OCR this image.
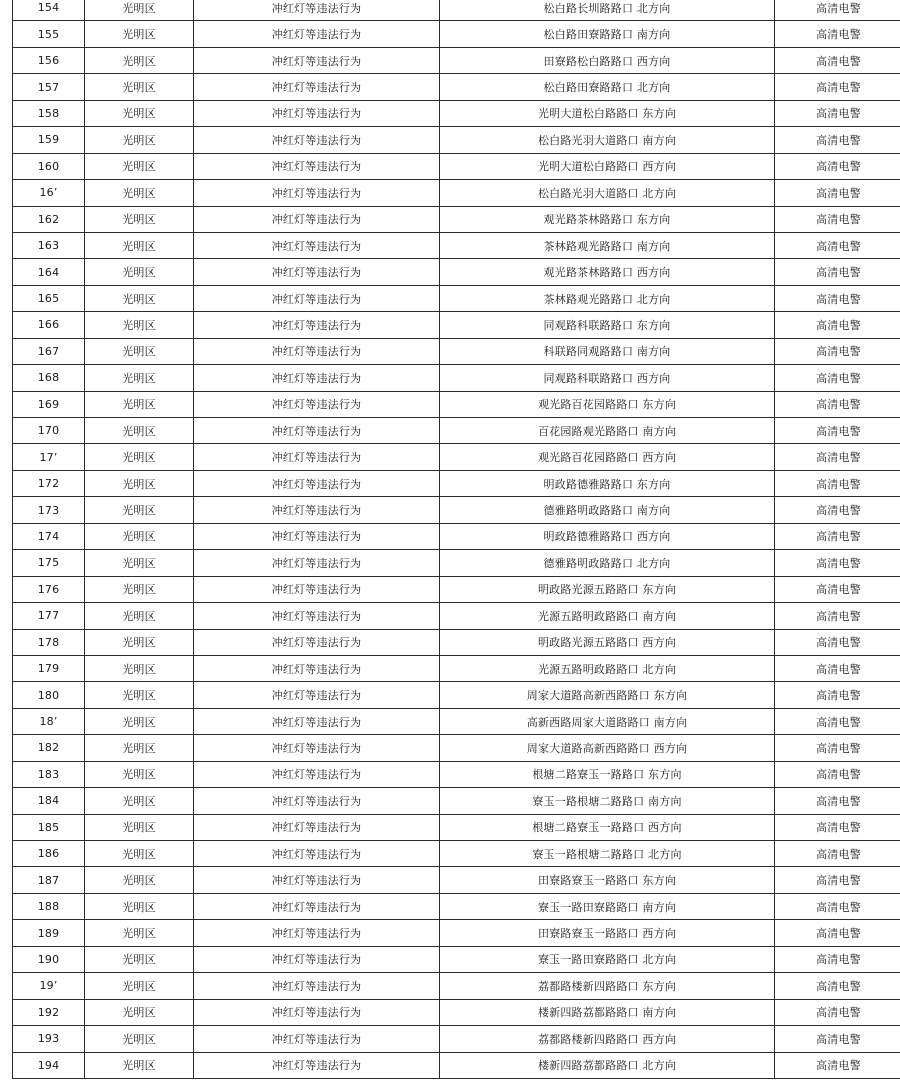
154	光明区	冲红灯等违法行为	松白路长圳路路口 北方向	高清电警
155	光明区	冲红灯等违法行为	松白路田寮路路口 南方向	高清电警
156	光明区	冲红灯等违法行为	田寮路松白路路口 西方向	高清电警
157	光明区	冲红灯等违法行为	松白路田寮路路口 北方向	高清电警
158	光明区	冲红灯等违法行为	光明大道松白路路口 东方向	高清电警
159	光明区	冲红灯等违法行为	松白路光羽大道路口 南方向	高清电警
160	光明区	冲红灯等违法行为	光明大道松白路路口 西方向	高清电警
16’	光明区	冲红灯等违法行为	松白路光羽大道路口 北方向	高清电警
162	光明区	冲红灯等违法行为	观光路茶林路路口 东方向	高清电警
163	光明区	冲红灯等违法行为	茶林路观光路路口 南方向	高清电警
164	光明区	冲红灯等违法行为	观光路茶林路路口 西方向	高清电警
165	光明区	冲红灯等违法行为	茶林路观光路路口 北方向	高清电警
166	光明区	冲红灯等违法行为	同观路科联路路口 东方向	高清电警
167	光明区	冲红灯等违法行为	科联路同观路路口 南方向	高清电警
168	光明区	冲红灯等违法行为	同观路科联路路口 西方向	高清电警
169	光明区	冲红灯等违法行为	观光路百花园路路口 东方向	高清电警
170	光明区	冲红灯等违法行为	百花园路观光路路口 南方向	高清电警
17’	光明区	冲红灯等违法行为	观光路百花园路路口 西方向	高清电警
172	光明区	冲红灯等违法行为	明政路德雅路路口 东方向	高清电警
173	光明区	冲红灯等违法行为	德雅路明政路路口 南方向	高清电警
174	光明区	冲红灯等违法行为	明政路德雅路路口 西方向	高清电警
175	光明区	冲红灯等违法行为	德雅路明政路路口 北方向	高清电警
176	光明区	冲红灯等违法行为	明政路光源五路路口 东方向	高清电警
177	光明区	冲红灯等违法行为	光源五路明政路路口 南方向	高清电警
178	光明区	冲红灯等违法行为	明政路光源五路路口 西方向	高清电警
179	光明区	冲红灯等违法行为	光源五路明政路路口 北方向	高清电警
180	光明区	冲红灯等违法行为	周家大道路高新西路路口 东方向	高清电警
18’	光明区	冲红灯等违法行为	高新西路周家大道路路口 南方向	高清电警
182	光明区	冲红灯等违法行为	周家大道路高新西路路口 西方向	高清电警
183	光明区	冲红灯等违法行为	根塘二路寮玉一路路口 东方向	高清电警
184	光明区	冲红灯等违法行为	寮玉一路根塘二路路口 南方向	高清电警
185	光明区	冲红灯等违法行为	根塘二路寮玉一路路口 西方向	高清电警
186	光明区	冲红灯等违法行为	寮玉一路根塘二路路口 北方向	高清电警
187	光明区	冲红灯等违法行为	田寮路寮玉一路路口 东方向	高清电警
188	光明区	冲红灯等违法行为	寮玉一路田寮路路口 南方向	高清电警
189	光明区	冲红灯等违法行为	田寮路寮玉一路路口 西方向	高清电警
190	光明区	冲红灯等违法行为	寮玉一路田寮路路口 北方向	高清电警
19’	光明区	冲红灯等违法行为	荔都路楼新四路路口 东方向	高清电警
192	光明区	冲红灯等违法行为	楼新四路荔都路路口 南方向	高清电警
193	光明区	冲红灯等违法行为	荔都路楼新四路路口 西方向	高清电警
194	光明区	冲红灯等违法行为	楼新四路荔都路路口 北方向	高清电警
